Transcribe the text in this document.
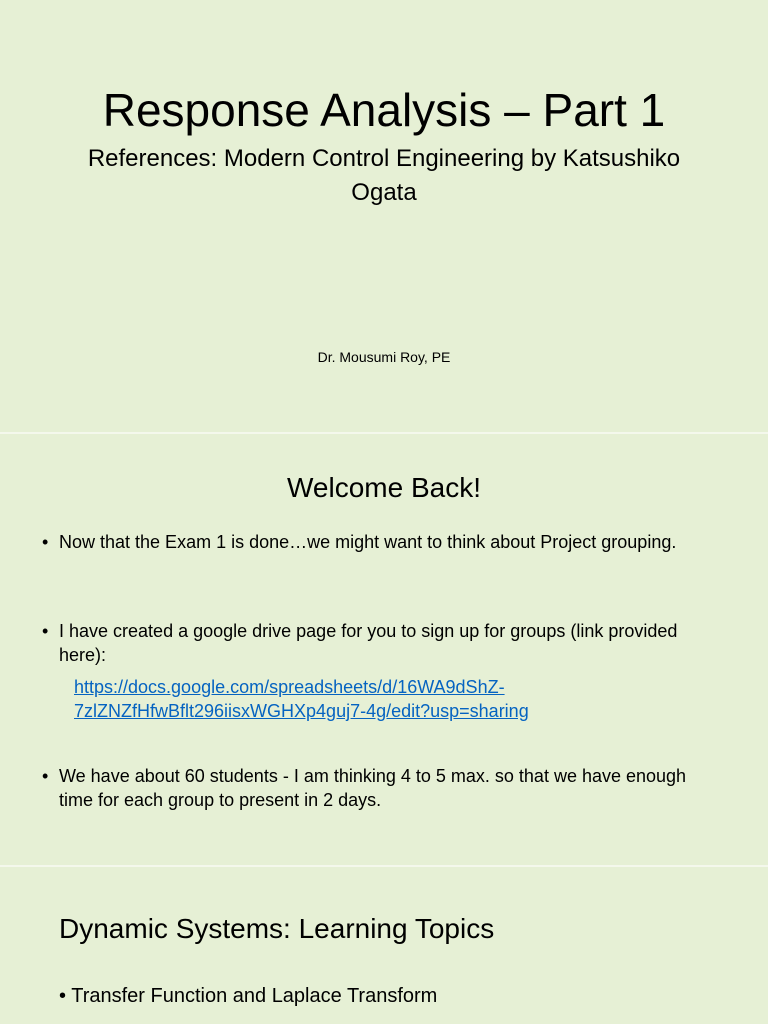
Response Analysis – Part 1
References: Modern Control Engineering by Katsushiko Ogata
Dr. Mousumi Roy, PE
Welcome Back!
• Now that the Exam 1 is done…we might want to think about Project grouping.
• I have created a google drive page for you to sign up for groups (link provided here):
https://docs.google.com/spreadsheets/d/16WA9dShZ-
7zlZNZfHfwBflt296iisxWGHXp4guj7-4g/edit?usp=sharing
• We have about 60 students - I am thinking 4 to 5 max. so that we have enough time for each group to present in 2 days.
Dynamic Systems: Learning Topics
• Transfer Function and Laplace Transform
